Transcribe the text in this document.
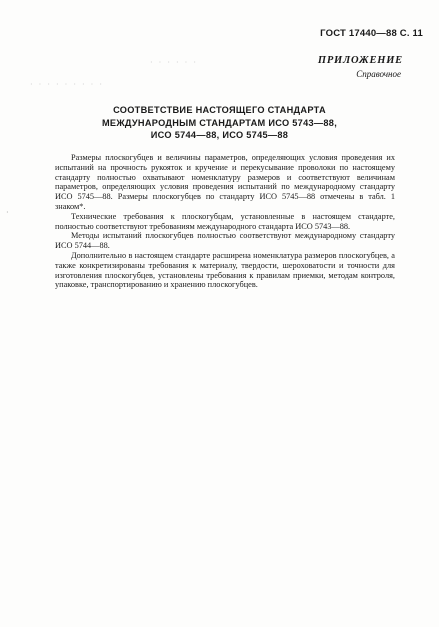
ГОСТ 17440—88 С. 11
· · · · · ·
· · · · · · · · ·
ПРИЛОЖЕНИЕ
Справочное
СООТВЕТСТВИЕ НАСТОЯЩЕГО СТАНДАРТА
МЕЖДУНАРОДНЫМ СТАНДАРТАМ ИСО 5743—88,
ИСО 5744—88, ИСО 5745—88
·

Размеры плоскогубцев и величины параметров, определяющих условия проведения их испытаний на прочность рукояток и кручение и перекусывание проволоки по настоящему стандарту полностью охватывают номенклатуру размеров и соответствуют величинам параметров, определяющих условия проведения испытаний по международному стандарту ИСО 5745—88. Размеры плоскогубцев по стандарту ИСО 5745—88 отмечены в табл. 1 знаком*.

Технические требования к плоскогубцам, установленные в настоящем стандарте, полностью соответствуют требованиям международного стандарта ИСО 5743—88.

Методы испытаний плоскогубцев полностью соответствуют международному стандарту ИСО 5744—88.

Дополнительно в настоящем стандарте расширена номенклатура размеров плоскогубцев, а также конкретизированы требования к материалу, твердости, шероховатости и точности для изготовления плоскогубцев, установлены требования к правилам приемки, методам контроля, упаковке, транспортированию и хранению плоскогубцев.
